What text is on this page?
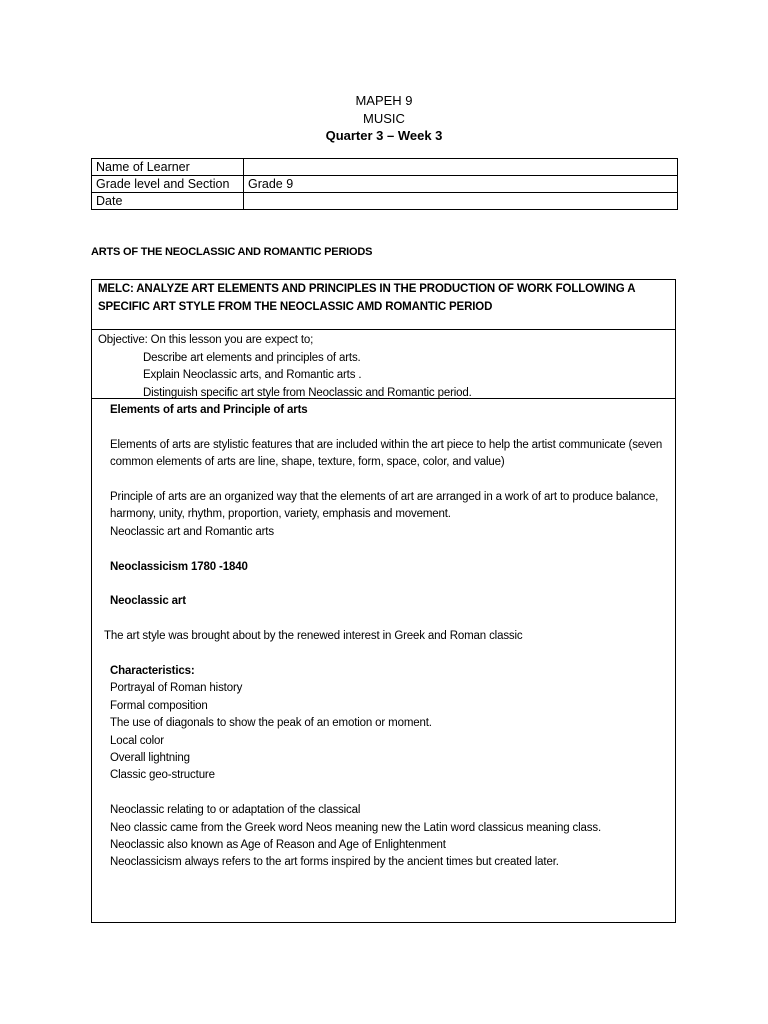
MAPEH 9
MUSIC
Quarter 3 – Week 3
Name of Learner	
Grade level and Section	Grade 9
Date	
ARTS OF THE NEOCLASSIC AND ROMANTIC PERIODS
MELC: ANALYZE ART ELEMENTS AND PRINCIPLES IN THE PRODUCTION OF WORK FOLLOWING A SPECIFIC ART STYLE FROM THE NEOCLASSIC AMD ROMANTIC PERIOD
Objective: On this lesson you are expect to;
Describe art elements and principles of arts.
Explain Neoclassic arts, and Romantic arts .
Distinguish specific art style from Neoclassic and Romantic period.

Elements of arts and Principle of arts

Elements of arts are stylistic features that are included within the art piece to help the artist communicate (seven common elements of arts are line, shape, texture, form, space, color, and value)

Principle of arts are an organized way that the elements of art are arranged in a work of art to produce balance, harmony, unity, rhythm, proportion, variety, emphasis and movement.

Neoclassic art and Romantic arts

Neoclassicism 1780 -1840

Neoclassic art

The art style was brought about by the renewed interest in Greek and Roman classic

Characteristics:

Portrayal of Roman history

Formal composition

The use of diagonals to show the peak of an emotion or moment.

Local color

Overall lightning

Classic geo-structure

Neoclassic relating to or adaptation of the classical

Neo classic came from the Greek word Neos meaning new the Latin word classicus meaning class.

Neoclassic also known as Age of Reason and Age of Enlightenment

Neoclassicism always refers to the art forms inspired by the ancient times but created later.
